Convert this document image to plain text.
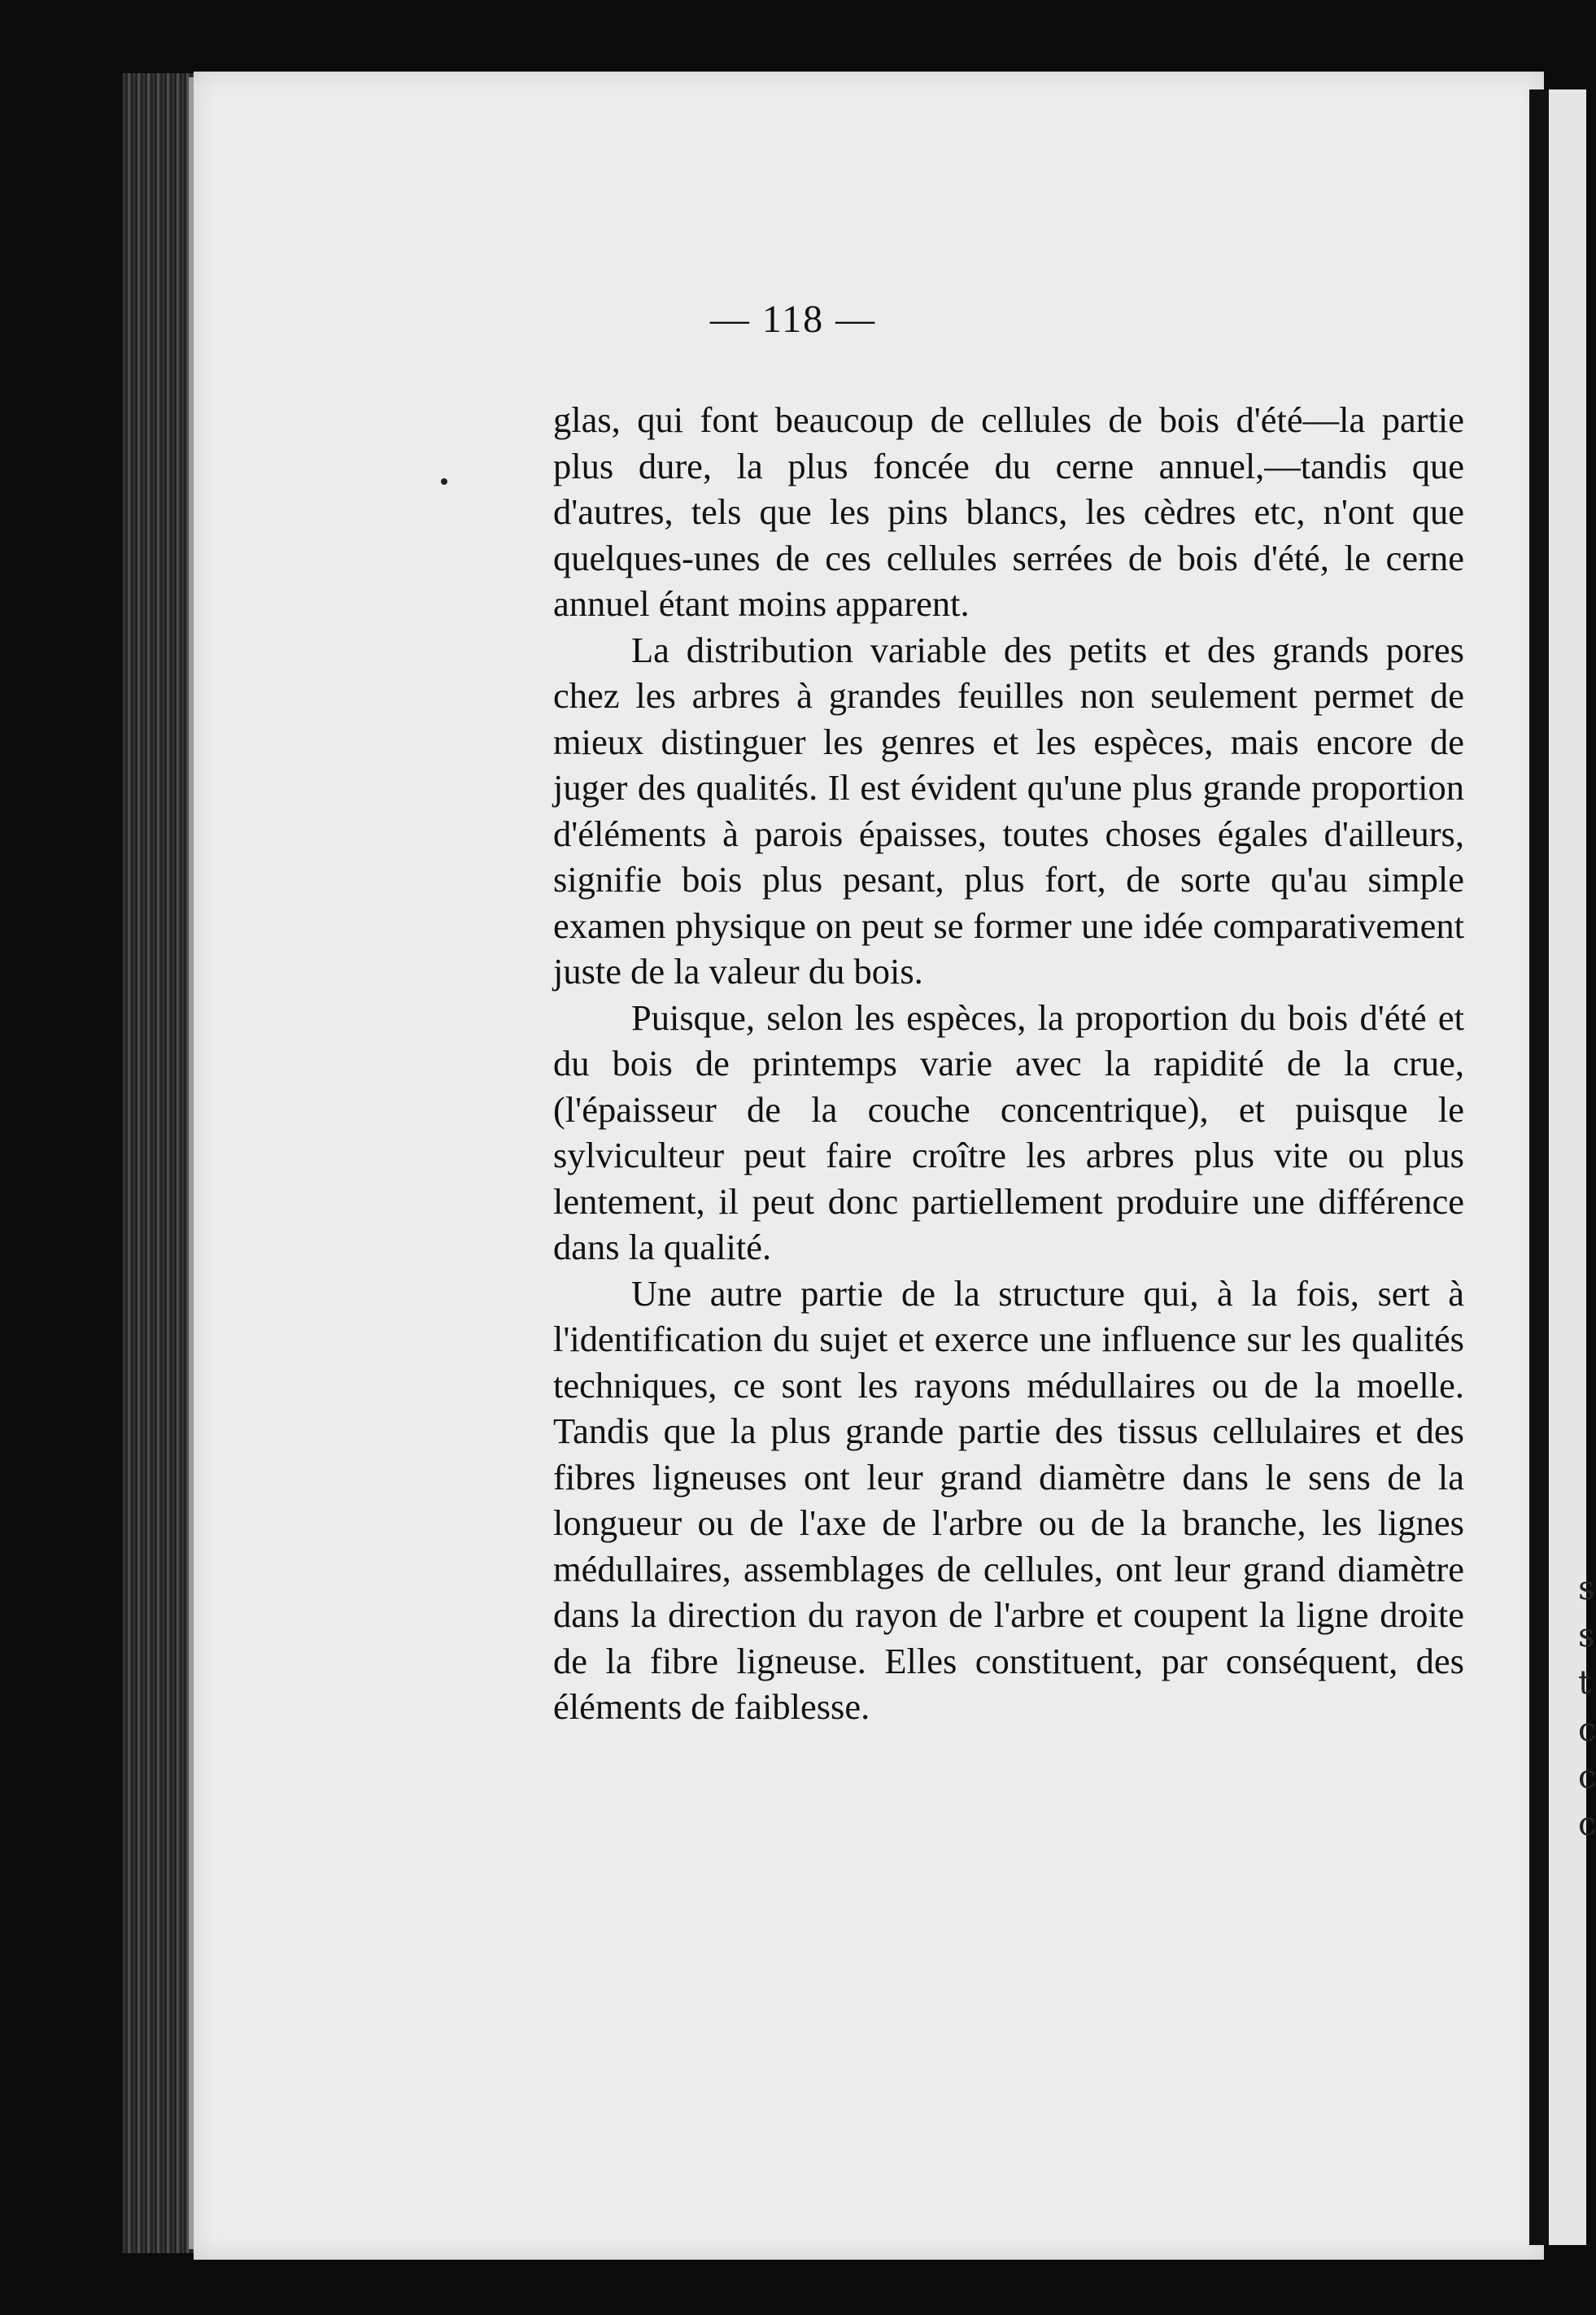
— 118 —

glas, qui font beaucoup de cellules de bois d'été—la partie plus dure, la plus foncée du cerne annuel,—tandis que d'autres, tels que les pins blancs, les cèdres etc, n'ont que quelques-unes de ces cellules serrées de bois d'été, le cerne annuel étant moins apparent.

La distribution variable des petits et des grands pores chez les arbres à grandes feuilles non seulement permet de mieux distinguer les genres et les espèces, mais encore de juger des qualités. Il est évident qu'une plus grande proportion d'éléments à parois épaisses, toutes choses égales d'ailleurs, signifie bois plus pesant, plus fort, de sorte qu'au simple examen physique on peut se former une idée comparativement juste de la valeur du bois.

Puisque, selon les espèces, la proportion du bois d'été et du bois de printemps varie avec la rapidité de la crue, (l'épaisseur de la couche concentrique), et puisque le sylviculteur peut faire croître les arbres plus vite ou plus lentement, il peut donc partiellement produire une différence dans la qualité.

Une autre partie de la structure qui, à la fois, sert à l'identification du sujet et exerce une influence sur les qualités techniques, ce sont les rayons médullaires ou de la moelle. Tandis que la plus grande partie des tissus cellulaires et des fibres ligneuses ont leur grand diamètre dans le sens de la longueur ou de l'axe de l'arbre ou de la branche, les lignes médullaires, assemblages de cellules, ont leur grand diamètre dans la direction du rayon de l'arbre et coupent la ligne droite de la fibre ligneuse. Elles constituent, par conséquent, des éléments de faiblesse.

s
s
t
c
c
c
